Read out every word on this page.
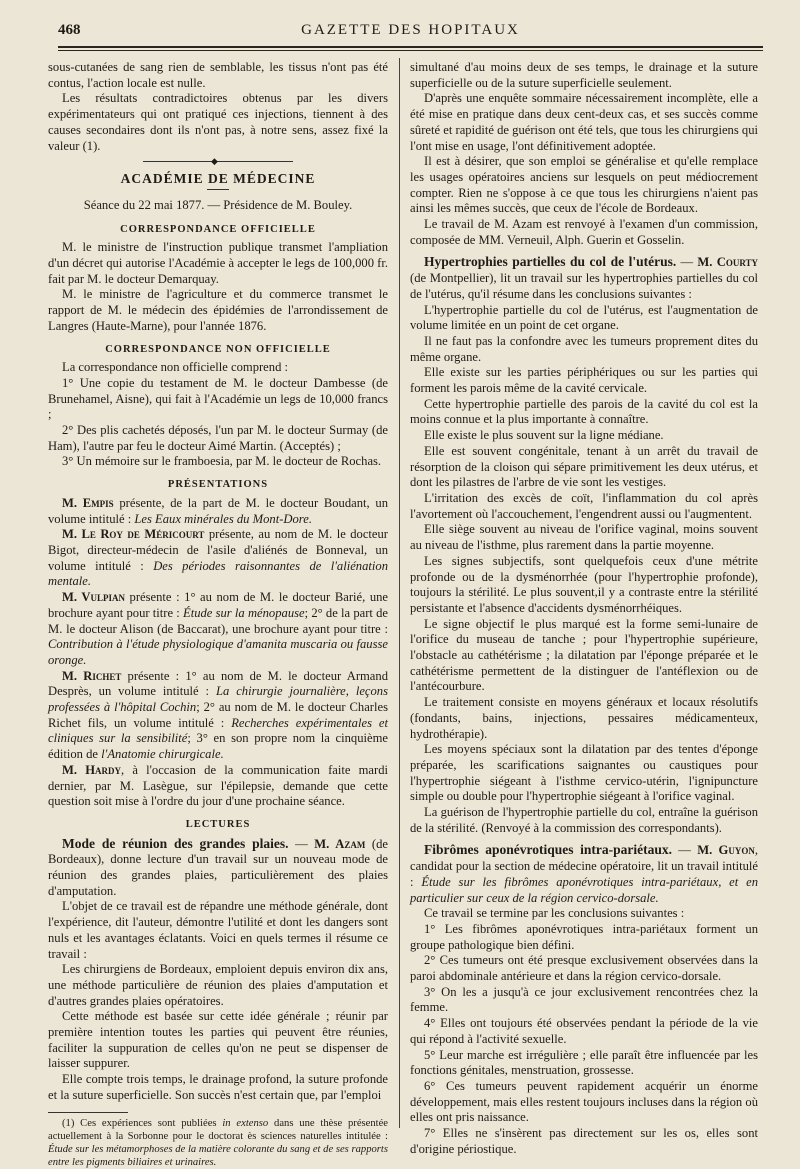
468	GAZETTE DES HOPITAUX

sous-cutanées de sang rien de semblable, les tissus n'ont pas été contus, l'action locale est nulle.

Les résultats contradictoires obtenus par les divers expérimentateurs qui ont pratiqué ces injections, tiennent à des causes secondaires dont ils n'ont pas, à notre sens, assez fixé la valeur (1).

◆
ACADÉMIE DE MÉDECINE

Séance du 22 mai 1877. — Présidence de M. Bouley.

CORRESPONDANCE OFFICIELLE

M. le ministre de l'instruction publique transmet l'ampliation d'un décret qui autorise l'Académie à accepter le legs de 100,000 fr. fait par M. le docteur Demarquay.

M. le ministre de l'agriculture et du commerce transmet le rapport de M. le médecin des épidémies de l'arrondissement de Langres (Haute-Marne), pour l'année 1876.

CORRESPONDANCE NON OFFICIELLE

La correspondance non officielle comprend :

1° Une copie du testament de M. le docteur Dambesse (de Brunehamel, Aisne), qui fait à l'Académie un legs de 10,000 francs ;

2° Des plis cachetés déposés, l'un par M. le docteur Surmay (de Ham), l'autre par feu le docteur Aimé Martin. (Acceptés) ;

3° Un mémoire sur le framboesia, par M. le docteur de Rochas.

PRÉSENTATIONS

M. Empis présente, de la part de M. le docteur Boudant, un volume intitulé : Les Eaux minérales du Mont-Dore.

M. Le Roy de Méricourt présente, au nom de M. le docteur Bigot, directeur-médecin de l'asile d'aliénés de Bonneval, un volume intitulé : Des périodes raisonnantes de l'aliénation mentale.

M. Vulpian présente : 1° au nom de M. le docteur Barié, une brochure ayant pour titre : Étude sur la ménopause; 2° de la part de M. le docteur Alison (de Baccarat), une brochure ayant pour titre : Contribution à l'étude physiologique d'amanita muscaria ou fausse oronge.

M. Richet présente : 1° au nom de M. le docteur Armand Desprès, un volume intitulé : La chirurgie journalière, leçons professées à l'hôpital Cochin; 2° au nom de M. le docteur Charles Richet fils, un volume intitulé : Recherches expérimentales et cliniques sur la sensibilité; 3° en son propre nom la cinquième édition de l'Anatomie chirurgicale.

M. Hardy, à l'occasion de la communication faite mardi dernier, par M. Lasègue, sur l'épilepsie, demande que cette question soit mise à l'ordre du jour d'une prochaine séance.

LECTURES

Mode de réunion des grandes plaies. — M. Azam (de Bordeaux), donne lecture d'un travail sur un nouveau mode de réunion des grandes plaies, particulièrement des plaies d'amputation.

L'objet de ce travail est de répandre une méthode générale, dont l'expérience, dit l'auteur, démontre l'utilité et dont les dangers sont nuls et les avantages éclatants. Voici en quels termes il résume ce travail :

Les chirurgiens de Bordeaux, emploient depuis environ dix ans, une méthode particulière de réunion des plaies d'amputation et d'autres grandes plaies opératoires.

Cette méthode est basée sur cette idée générale ; réunir par première intention toutes les parties qui peuvent être réunies, faciliter la suppuration de celles qu'on ne peut se dispenser de laisser suppurer.

Elle compte trois temps, le drainage profond, la suture profonde et la suture superficielle. Son succès n'est certain que, par l'emploi

(1) Ces expériences sont publiées in extenso dans une thèse présentée actuellement à la Sorbonne pour le doctorat ès sciences naturelles intitulée : Étude sur les métamorphoses de la matière colorante du sang et de ses rapports entre les pigments biliaires et urinaires.

simultané d'au moins deux de ses temps, le drainage et la suture superficielle ou de la suture superficielle seulement.

D'après une enquête sommaire nécessairement incomplète, elle a été mise en pratique dans deux cent-deux cas, et ses succès comme sûreté et rapidité de guérison ont été tels, que tous les chirurgiens qui l'ont mise en usage, l'ont définitivement adoptée.

Il est à désirer, que son emploi se généralise et qu'elle remplace les usages opératoires anciens sur lesquels on peut médiocrement compter. Rien ne s'oppose à ce que tous les chirurgiens n'aient pas ainsi les mêmes succès, que ceux de l'école de Bordeaux.

Le travail de M. Azam est renvoyé à l'examen d'un commission, composée de MM. Verneuil, Alph. Guerin et Gosselin.

Hypertrophies partielles du col de l'utérus. — M. Courty (de Montpellier), lit un travail sur les hypertrophies partielles du col de l'utérus, qu'il résume dans les conclusions suivantes :

L'hypertrophie partielle du col de l'utérus, est l'augmentation de volume limitée en un point de cet organe.

Il ne faut pas la confondre avec les tumeurs proprement dites du même organe.

Elle existe sur les parties périphériques ou sur les parties qui forment les parois même de la cavité cervicale.

Cette hypertrophie partielle des parois de la cavité du col est la moins connue et la plus importante à connaître.

Elle existe le plus souvent sur la ligne médiane.

Elle est souvent congénitale, tenant à un arrêt du travail de résorption de la cloison qui sépare primitivement les deux utérus, et dont les pilastres de l'arbre de vie sont les vestiges.

L'irritation des excès de coït, l'inflammation du col après l'avortement où l'accouchement, l'engendrent aussi ou l'augmentent.

Elle siège souvent au niveau de l'orifice vaginal, moins souvent au niveau de l'isthme, plus rarement dans la partie moyenne.

Les signes subjectifs, sont quelquefois ceux d'une métrite profonde ou de la dysménorrhée (pour l'hypertrophie profonde), toujours la stérilité. Le plus souvent,il y a contraste entre la stérilité persistante et l'absence d'accidents dysménorrhéiques.

Le signe objectif le plus marqué est la forme semi-lunaire de l'orifice du museau de tanche ; pour l'hypertrophie supérieure, l'obstacle au cathétérisme ; la dilatation par l'éponge préparée et le cathétérisme permettent de la distinguer de l'antéflexion ou de l'antécourbure.

Le traitement consiste en moyens généraux et locaux résolutifs (fondants, bains, injections, pessaires médicamenteux, hydrothérapie).

Les moyens spéciaux sont la dilatation par des tentes d'éponge préparée, les scarifications saignantes ou caustiques pour l'hypertrophie siégeant à l'isthme cervico-utérin, l'ignipuncture simple ou double pour l'hypertrophie siégeant à l'orifice vaginal.

La guérison de l'hypertrophie partielle du col, entraîne la guérison de la stérilité. (Renvoyé à la commission des correspondants).

Fibrômes aponévrotiques intra-pariétaux. — M. Guyon, candidat pour la section de médecine opératoire, lit un travail intitulé : Étude sur les fibrômes aponévrotiques intra-pariétaux, et en particulier sur ceux de la région cervico-dorsale.

Ce travail se termine par les conclusions suivantes :

1° Les fibrômes aponévrotiques intra-pariétaux forment un groupe pathologique bien défini.

2° Ces tumeurs ont été presque exclusivement observées dans la paroi abdominale antérieure et dans la région cervico-dorsale.

3° On les a jusqu'à ce jour exclusivement rencontrées chez la femme.

4° Elles ont toujours été observées pendant la période de la vie qui répond à l'activité sexuelle.

5° Leur marche est irrégulière ; elle paraît être influencée par les fonctions génitales, menstruation, grossesse.

6° Ces tumeurs peuvent rapidement acquérir un énorme développement, mais elles restent toujours incluses dans la région où elles ont pris naissance.

7° Elles ne s'insèrent pas directement sur les os, elles sont d'origine périostique.
